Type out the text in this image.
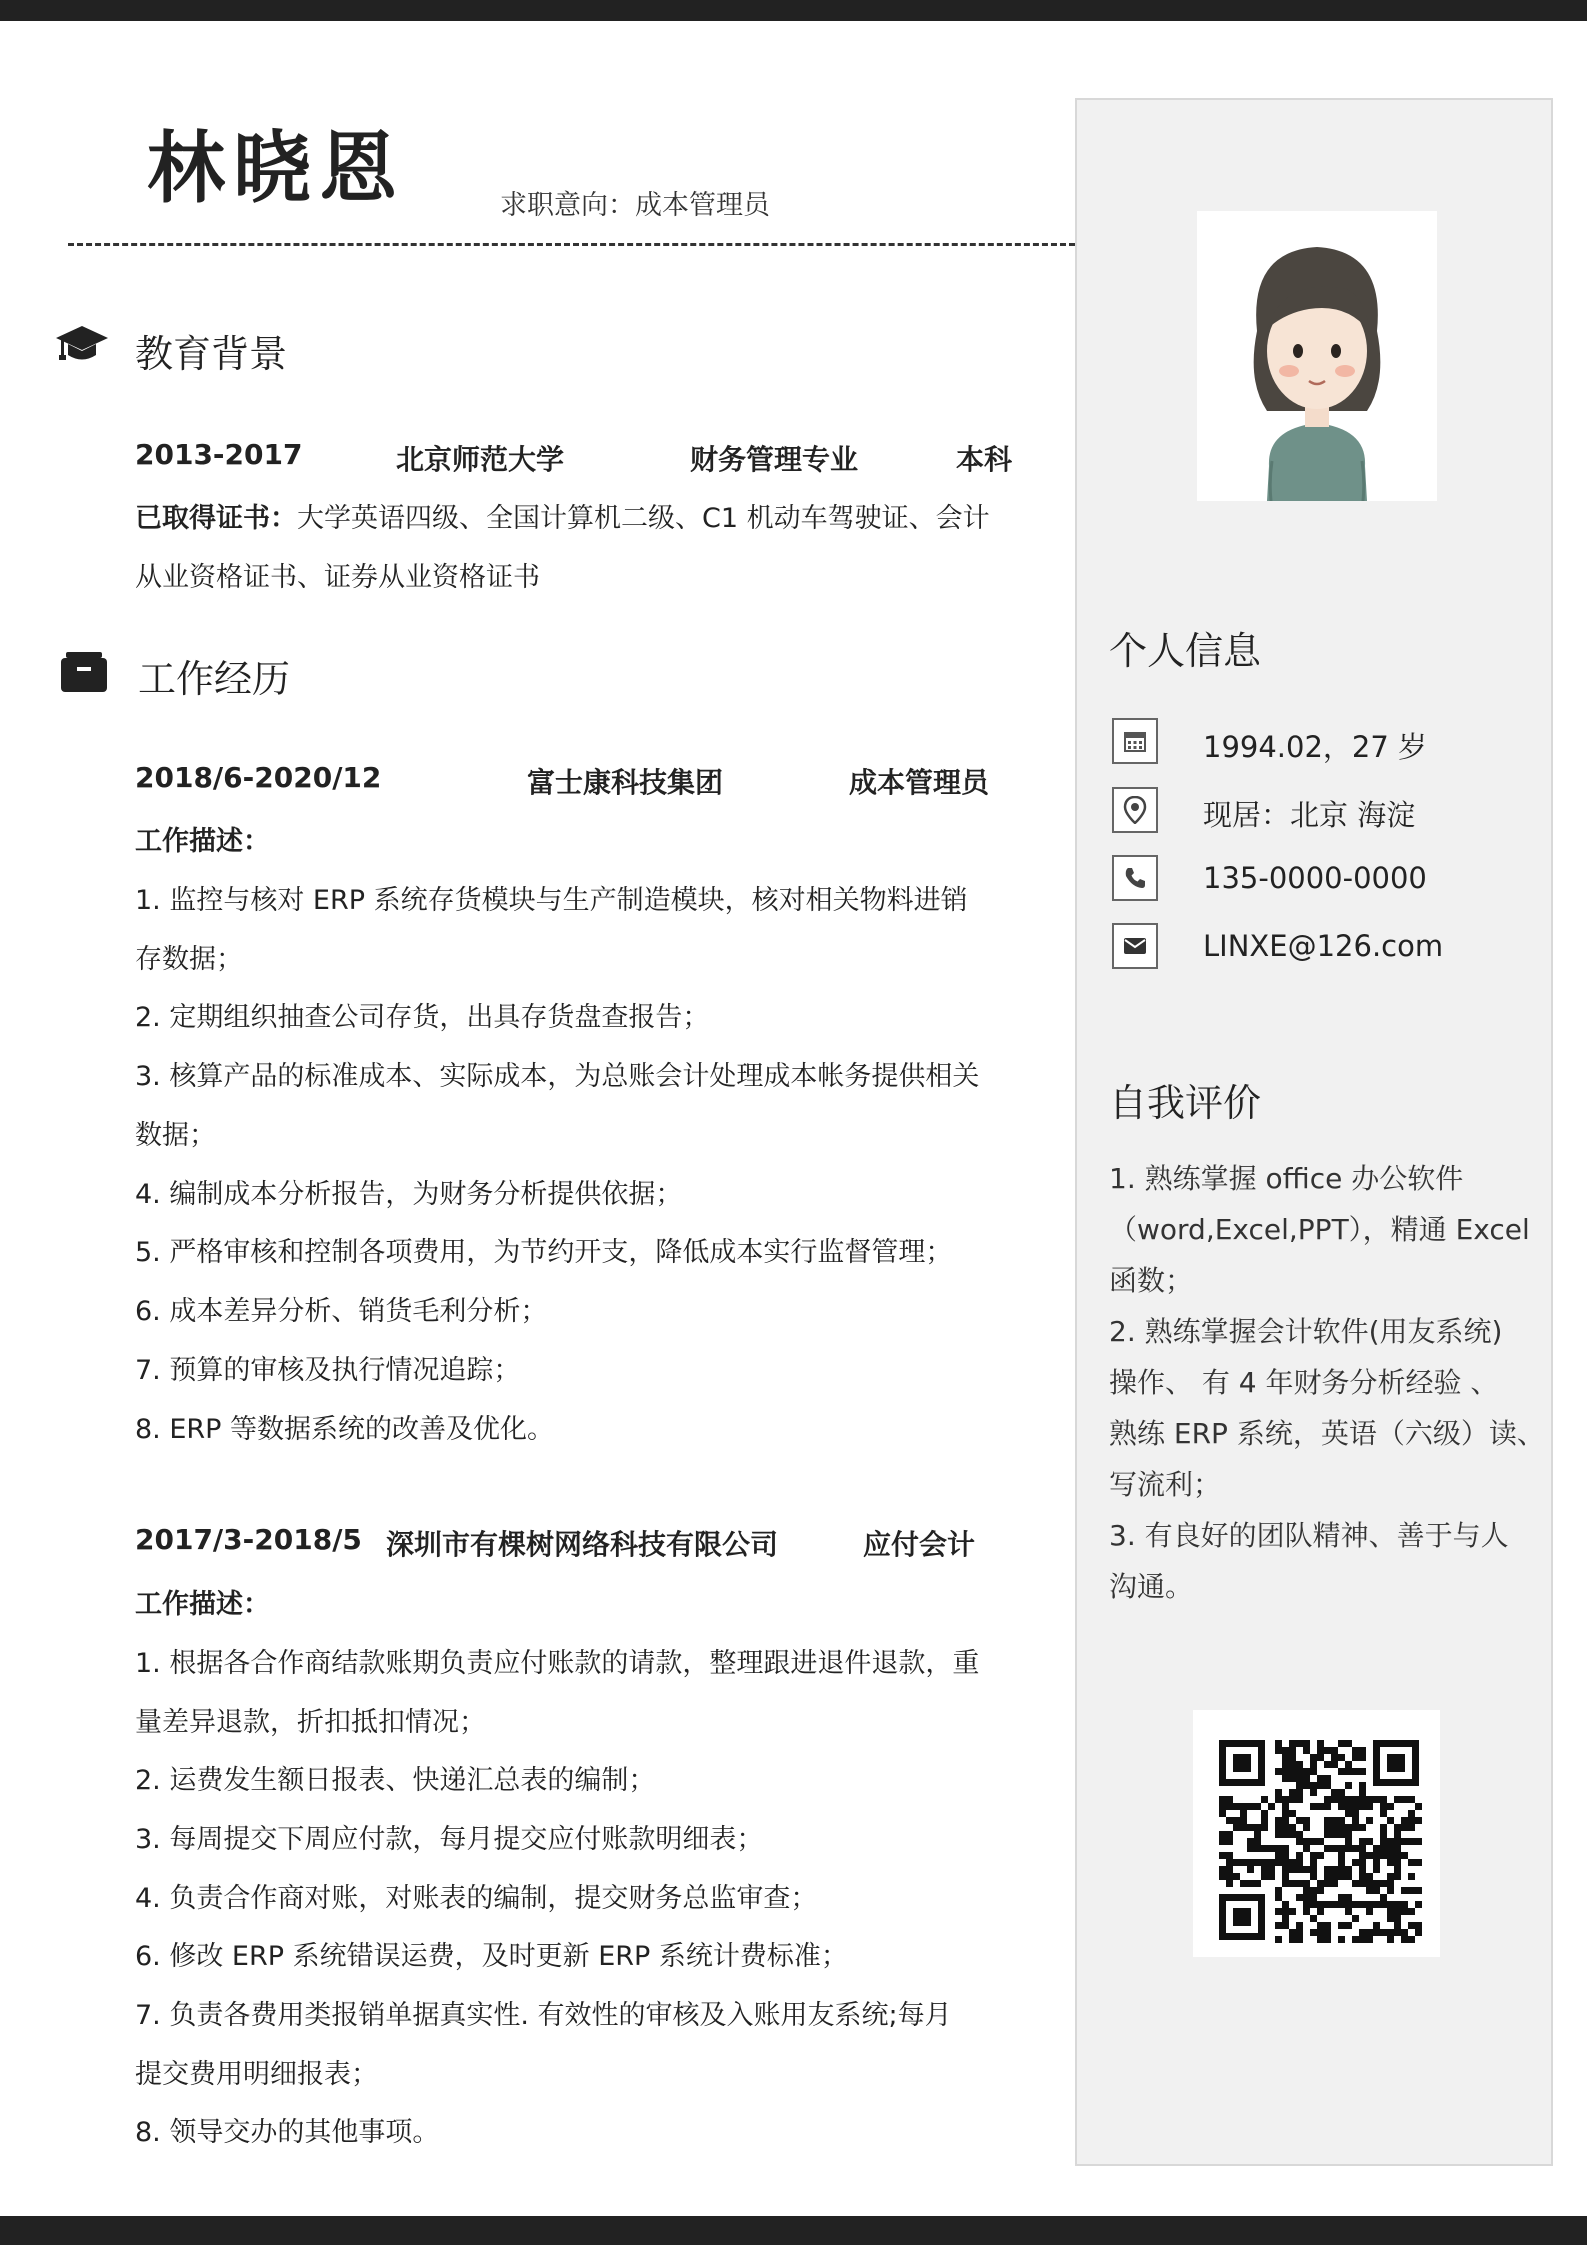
林晓恩	求职意向：成本管理员
教育背景
2013-2017	北京师范大学	财务管理专业	本科
已取得证书：大学英语四级、全国计算机二级、C1 机动车驾驶证、会计
从业资格证书、证券从业资格证书
工作经历
2018/6-2020/12	富士康科技集团	成本管理员
工作描述：
1. 监控与核对 ERP 系统存货模块与生产制造模块，核对相关物料进销
存数据；
2. 定期组织抽查公司存货，出具存货盘查报告；
3. 核算产品的标准成本、实际成本，为总账会计处理成本帐务提供相关
数据；
4. 编制成本分析报告，为财务分析提供依据；
5. 严格审核和控制各项费用，为节约开支，降低成本实行监督管理；
6. 成本差异分析、销货毛利分析；
7. 预算的审核及执行情况追踪；
8. ERP 等数据系统的改善及优化。
2017/3-2018/5 深圳市有棵树网络科技有限公司	应付会计
工作描述：
1. 根据各合作商结款账期负责应付账款的请款，整理跟进退件退款，重
量差异退款，折扣抵扣情况；
2. 运费发生额日报表、快递汇总表的编制；
3. 每周提交下周应付款，每月提交应付账款明细表；
4. 负责合作商对账，对账表的编制，提交财务总监审查；
6. 修改 ERP 系统错误运费，及时更新 ERP 系统计费标准；
7. 负责各费用类报销单据真实性. 有效性的审核及入账用友系统;每月
提交费用明细报表；
8. 领导交办的其他事项。
个人信息
1994.02，27 岁
现居：北京 海淀
135-0000-0000
LINXE@126.com
自我评价
1. 熟练掌握 office 办公软件
（word,Excel,PPT），精通 Excel
函数；
2. 熟练掌握会计软件(用友系统)
操作、 有 4 年财务分析经验 、
熟练 ERP 系统，英语（六级）读、
写流利；
3. 有良好的团队精神、善于与人
沟通。
